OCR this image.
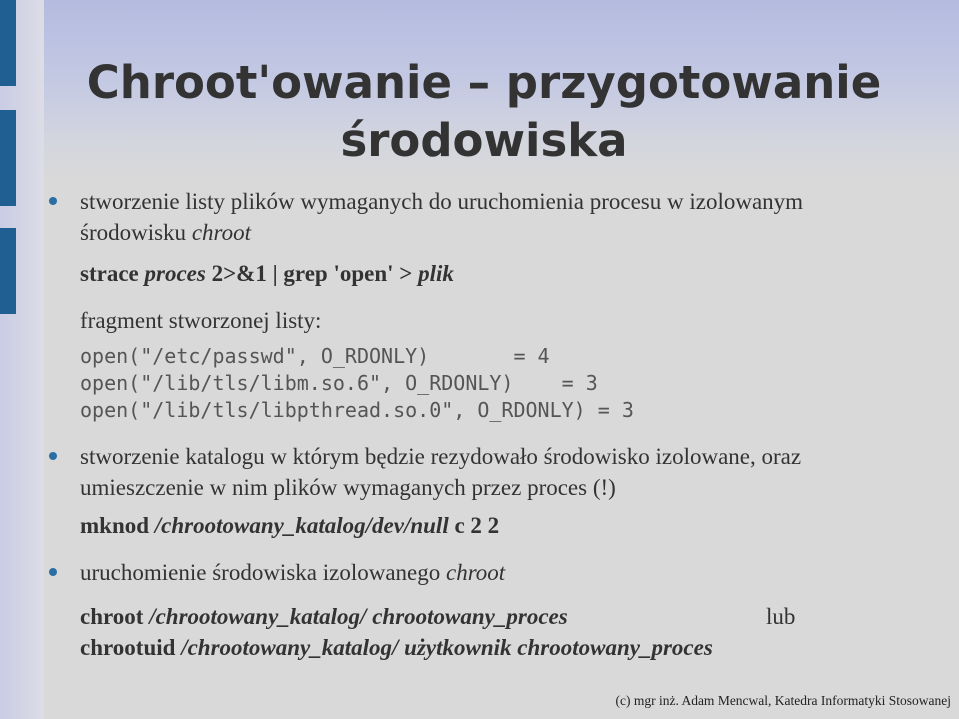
Chroot'owanie – przygotowanie
środowiska
stworzenie listy plików wymaganych do uruchomienia procesu w izolowanym
środowisku chroot
strace proces 2>&1 | grep 'open' > plik
fragment stworzonej listy:
open("/etc/passwd", O_RDONLY)       = 4
open("/lib/tls/libm.so.6", O_RDONLY)    = 3
open("/lib/tls/libpthread.so.0", O_RDONLY) = 3
stworzenie katalogu w którym będzie rezydowało środowisko izolowane, oraz
umieszczenie w nim plików wymaganych przez proces (!)
mknod /chrootowany_katalog/dev/null c 2 2
uruchomienie środowiska izolowanego chroot
chroot /chrootowany_katalog/ chrootowany_proces	lub
chrootuid /chrootowany_katalog/ użytkownik chrootowany_proces
(c) mgr inż. Adam Mencwal, Katedra Informatyki Stosowanej
